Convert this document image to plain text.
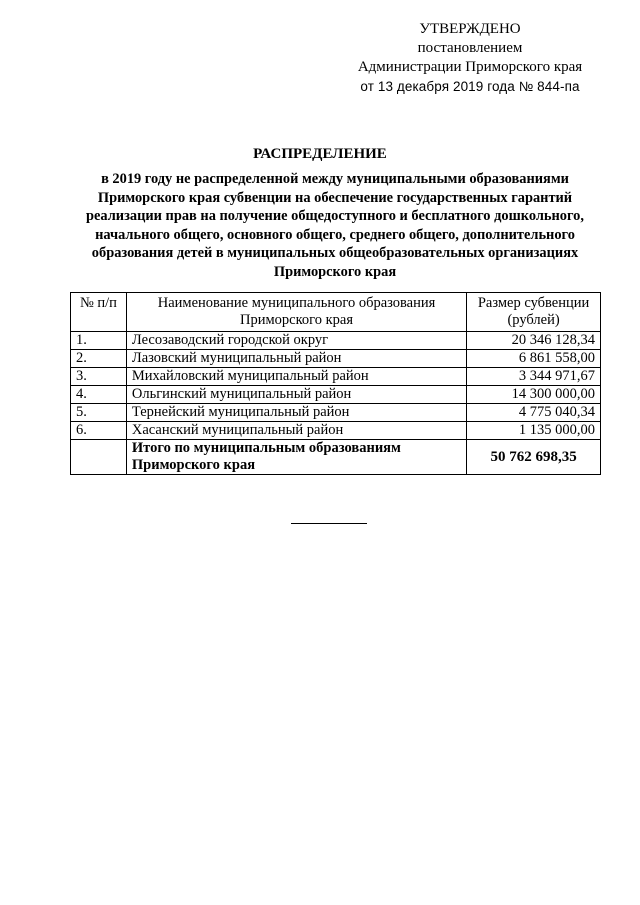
УТВЕРЖДЕНО
постановлением
Администрации Приморского края
от 13 декабря 2019 года № 844-па
РАСПРЕДЕЛЕНИЕ
в 2019 году не распределенной между муниципальными образованиями Приморского края субвенции на обеспечение государственных гарантий реализации прав на получение общедоступного и бесплатного дошкольного, начального общего, основного общего, среднего общего, дополнительного образования детей в муниципальных общеобразовательных организациях Приморского края
№ п/п	Наименование муниципального образования Приморского края	Размер субвенции (рублей)
1.	Лесозаводский городской округ	20 346 128,34
2.	Лазовский муниципальный район	6 861 558,00
3.	Михайловский муниципальный район	3 344 971,67
4.	Ольгинский муниципальный район	14 300 000,00
5.	Тернейский муниципальный район	4 775 040,34
6.	Хасанский муниципальный район	1 135 000,00
	Итого по муниципальным образованиям Приморского края	50 762 698,35
